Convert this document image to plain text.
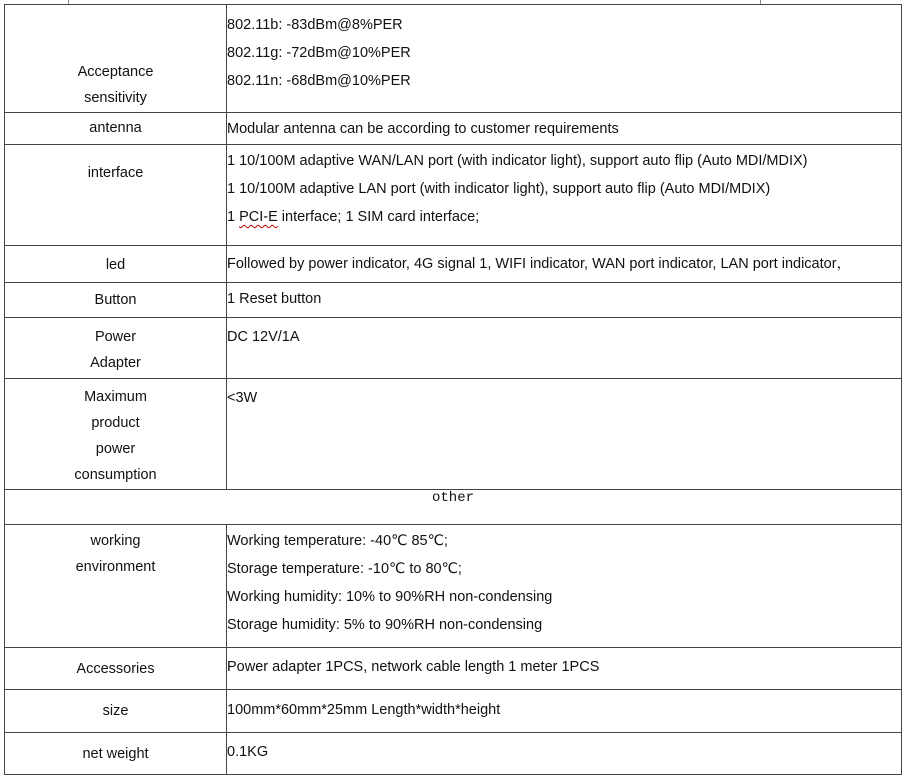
Acceptance
sensitivity	802.11b: -83dBm@8%PER
802.11g: -72dBm@10%PER
802.11n: -68dBm@10%PER

antenna	Modular antenna can be according to customer requirements

interface	1 10/100M adaptive WAN/LAN port (with indicator light), support auto flip (Auto MDI/MDIX)
1 10/100M adaptive LAN port (with indicator light), support auto flip (Auto MDI/MDIX)
1 PCI-E interface; 1 SIM card interface;

led	Followed by power indicator, 4G signal 1, WIFI indicator, WAN port indicator, LAN port indicator，

Button	1 Reset button

Power
Adapter	DC 12V/1A

Maximum
product
power
consumption	<3W

other	

working
environment	Working temperature: -40℃ 85℃;
Storage temperature: -10℃ to 80℃;
Working humidity: 10% to 90%RH non-condensing
Storage humidity: 5% to 90%RH non-condensing

Accessories	Power adapter 1PCS, network cable length 1 meter 1PCS

size	100mm*60mm*25mm Length*width*height

net weight	0.1KG
